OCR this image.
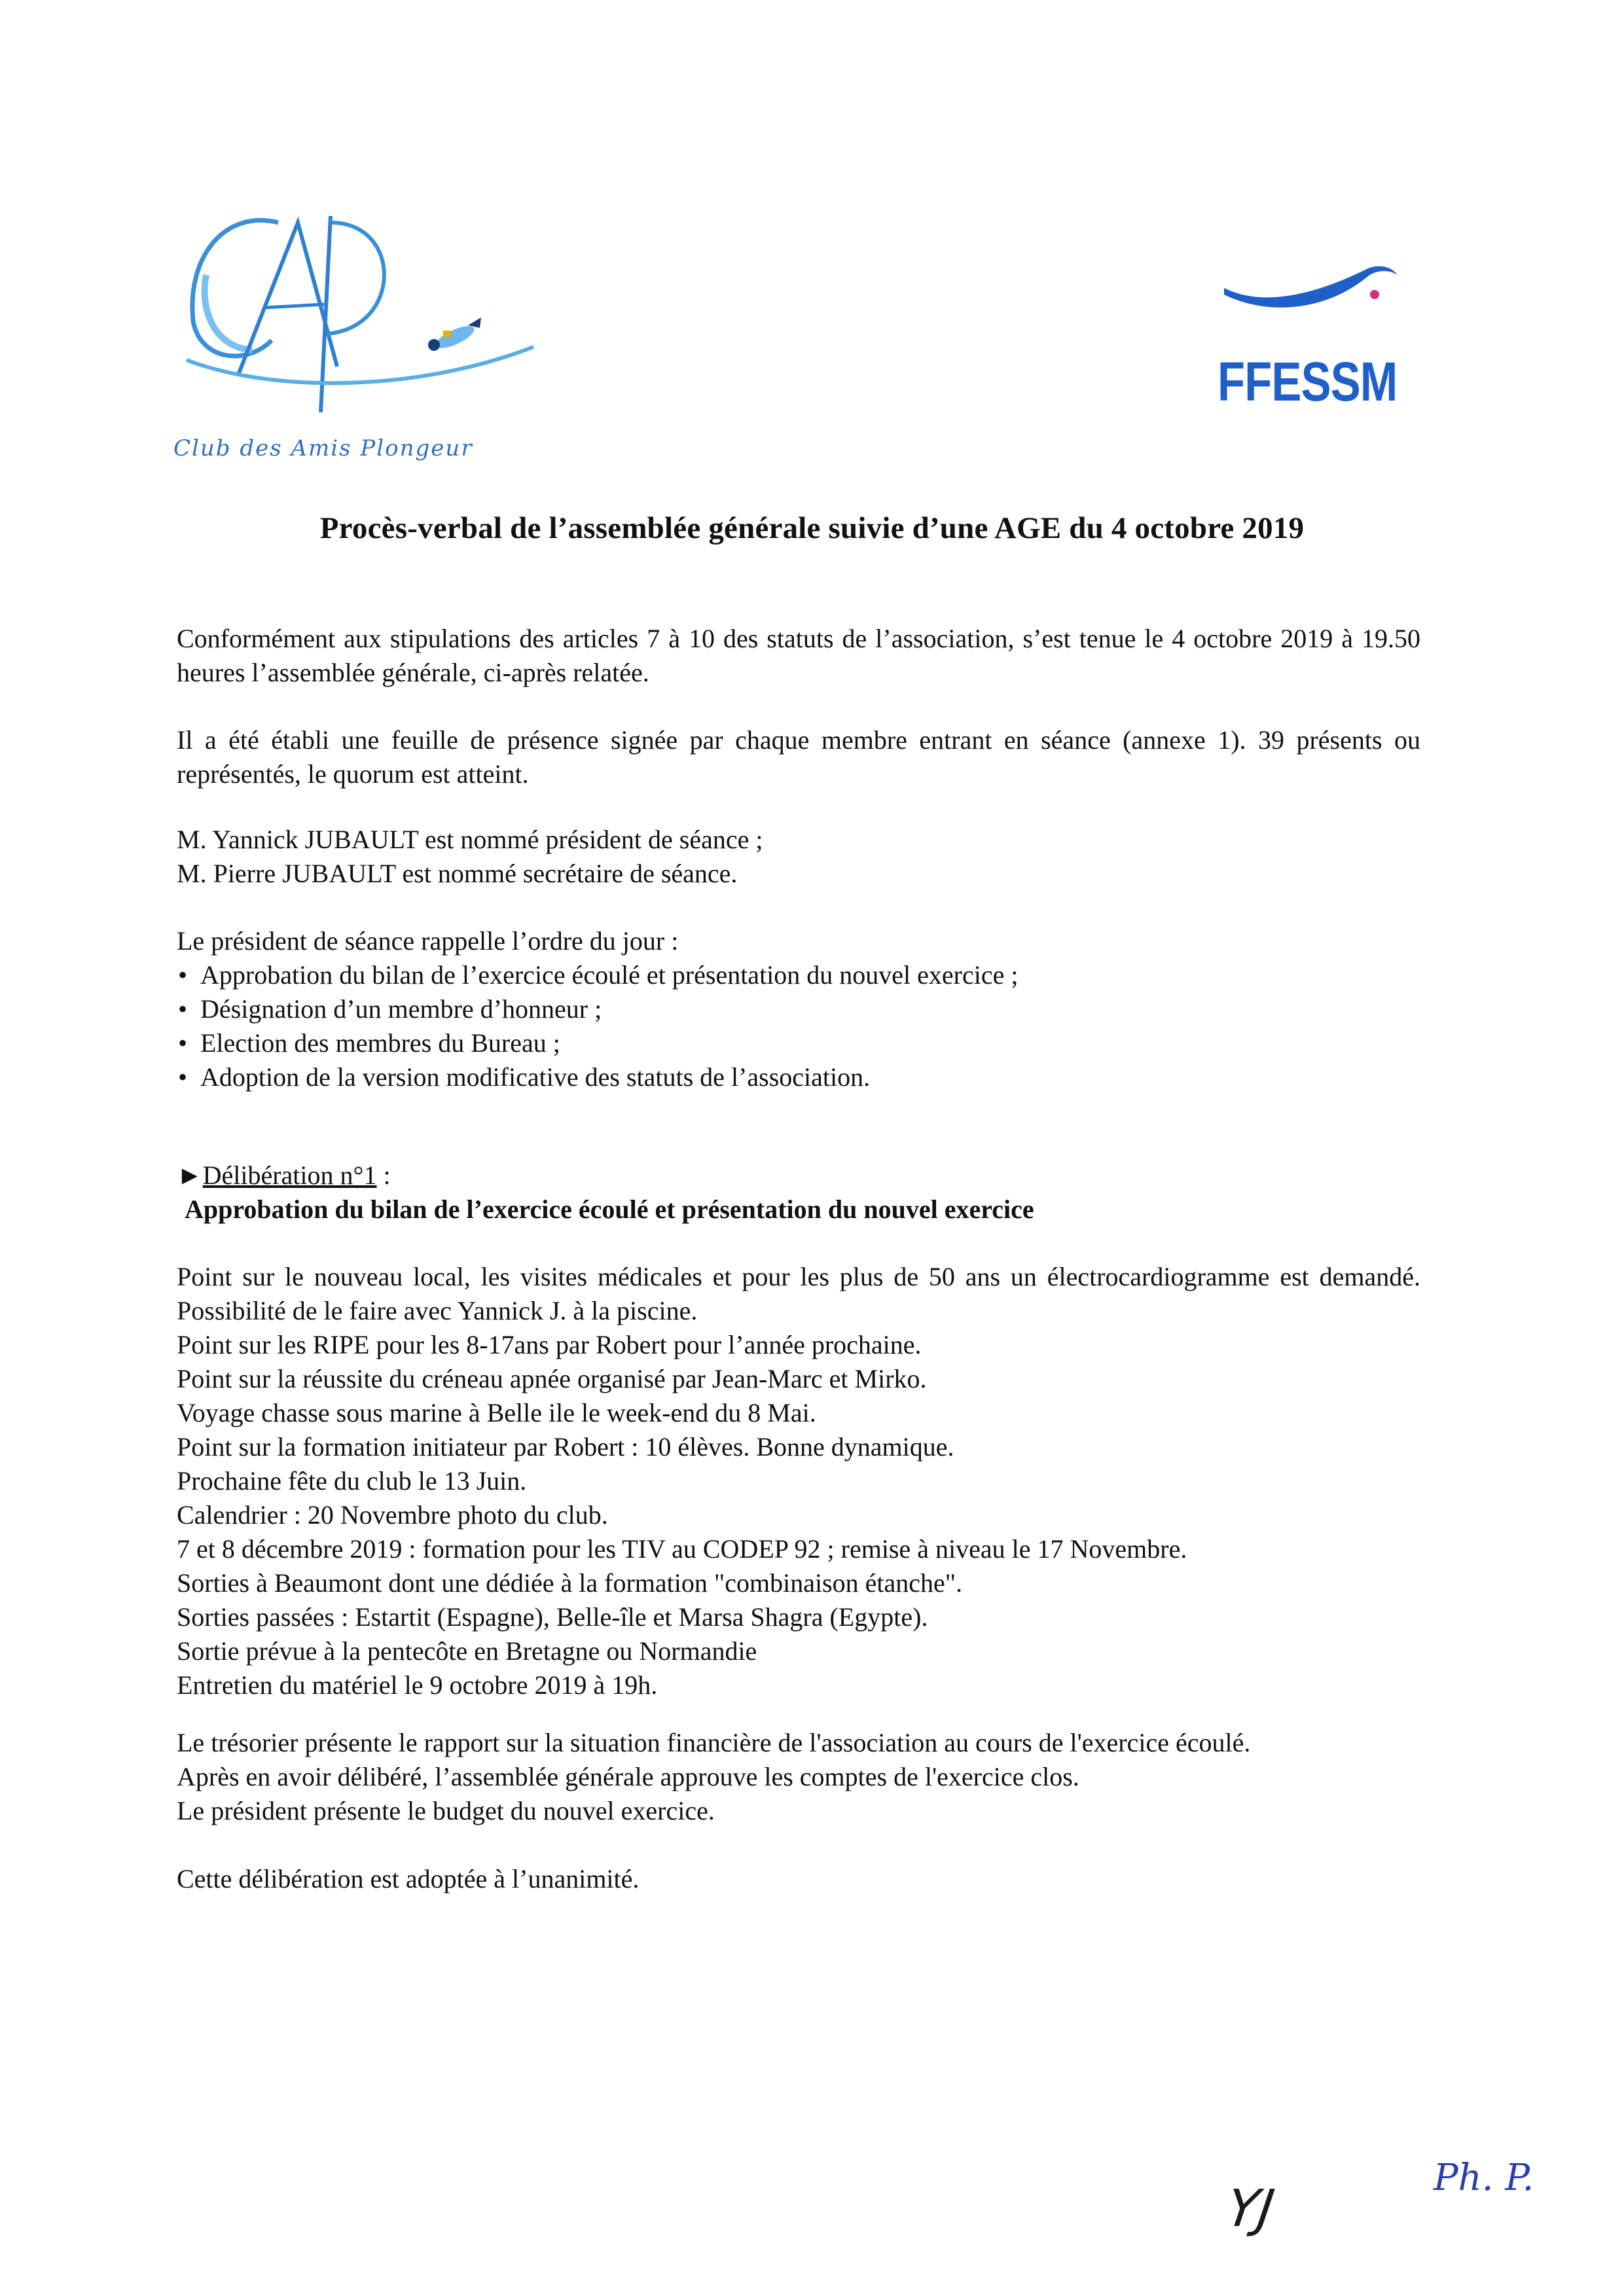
Club des Amis Plongeur
FFESSM
Procès-verbal de l’assemblée générale suivie d’une AGE du 4 octobre 2019

Conformément aux stipulations des articles 7 à 10 des statuts de l’association, s’est tenue le 4 octobre 2019 à 19.50 heures l’assemblée générale, ci-après relatée.

Il a été établi une feuille de présence signée par chaque membre entrant en séance (annexe 1). 39 présents ou représentés, le quorum est atteint.

M. Yannick JUBAULT est nommé président de séance ;
M. Pierre JUBAULT est nommé secrétaire de séance.
Le président de séance rappelle l’ordre du jour :
• Approbation du bilan de l’exercice écoulé et présentation du nouvel exercice ;
• Désignation d’un membre d’honneur ;
• Election des membres du Bureau ;
• Adoption de la version modificative des statuts de l’association.
►Délibération n°1 :
Approbation du bilan de l’exercice écoulé et présentation du nouvel exercice
Point sur le nouveau local, les visites médicales et pour les plus de 50 ans un électrocardiogramme est demandé. Possibilité de le faire avec Yannick J. à la piscine.
Point sur les RIPE pour les 8-17ans par Robert pour l’année prochaine.
Point sur la réussite du créneau apnée organisé par Jean-Marc et Mirko.
Voyage chasse sous marine à Belle ile le week-end du 8 Mai.
Point sur la formation initiateur par Robert : 10 élèves. Bonne dynamique.
Prochaine fête du club le 13 Juin.
Calendrier : 20 Novembre photo du club.
7 et 8 décembre 2019 : formation pour les TIV au CODEP 92 ; remise à niveau le 17 Novembre.
Sorties à Beaumont dont une dédiée à la formation "combinaison étanche".
Sorties passées : Estartit (Espagne), Belle-île et Marsa Shagra (Egypte).
Sortie prévue à la pentecôte en Bretagne ou Normandie
Entretien du matériel le 9 octobre 2019 à 19h.
Le trésorier présente le rapport sur la situation financière de l'association au cours de l'exercice écoulé.
Après en avoir délibéré, l’assemblée générale approuve les comptes de l'exercice clos.
Le président présente le budget du nouvel exercice.
Cette délibération est adoptée à l’unanimité.
YJ
Ph. P.
